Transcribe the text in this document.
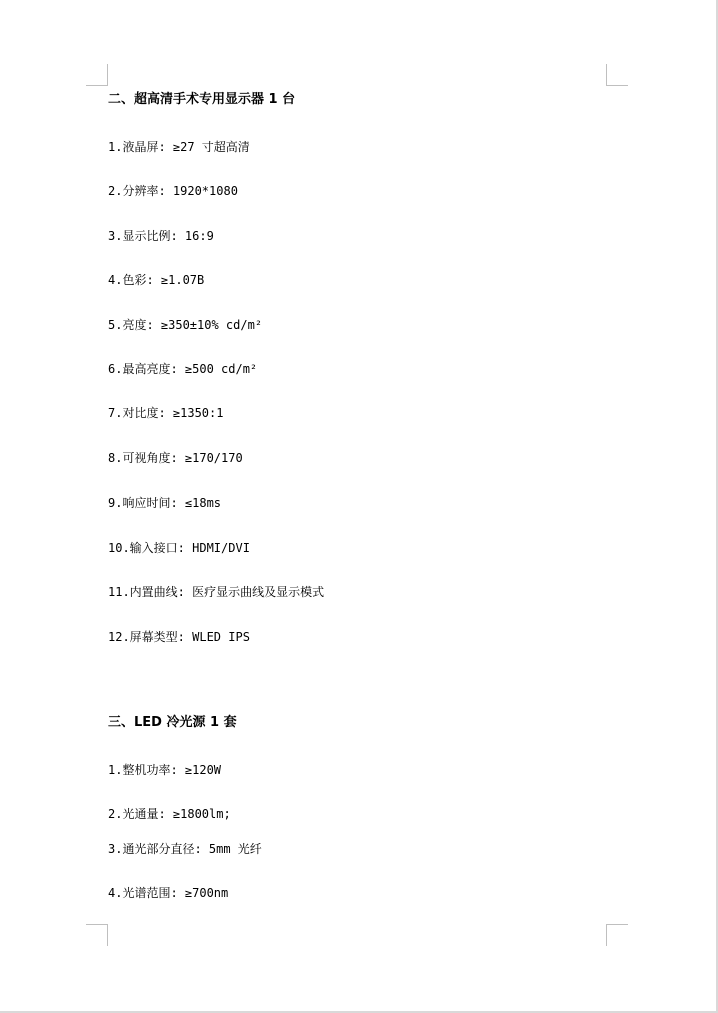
二、超高清手术专用显示器 1 台
1.液晶屏: ≥27 寸超高清
2.分辨率: 1920*1080
3.显示比例: 16:9
4.色彩: ≥1.07B
5.亮度: ≥350±10% cd/m²
6.最高亮度: ≥500 cd/m²
7.对比度: ≥1350:1
8.可视角度: ≥170/170
9.响应时间: ≤18ms
10.输入接口: HDMI/DVI
11.内置曲线: 医疗显示曲线及显示模式
12.屏幕类型: WLED IPS
三、LED 冷光源 1 套
1.整机功率: ≥120W
2.光通量: ≥1800lm;
3.通光部分直径: 5mm 光纤
4.光谱范围: ≥700nm
